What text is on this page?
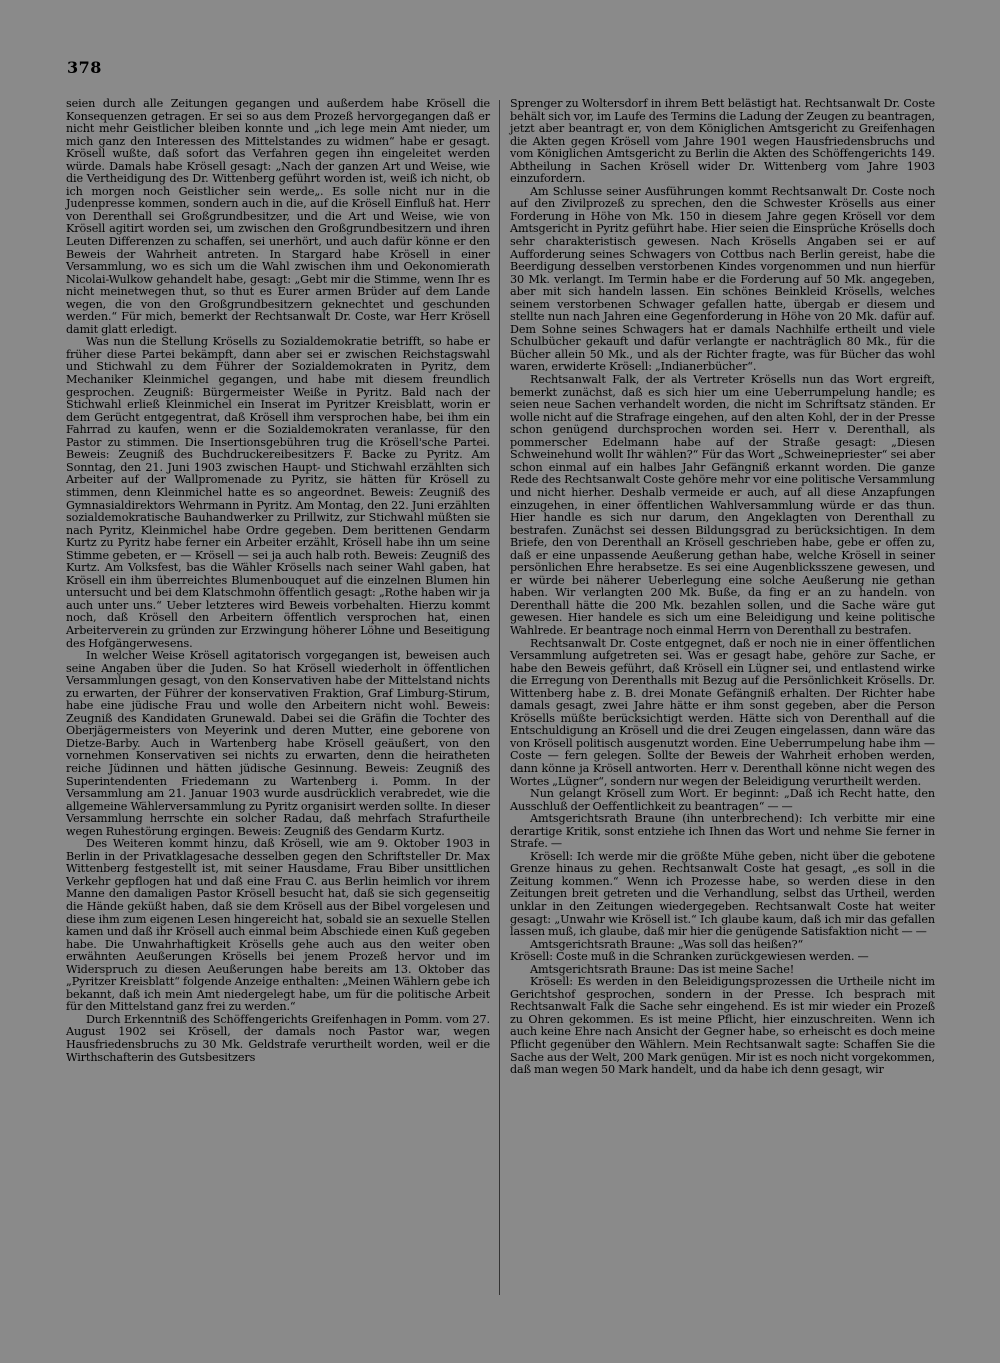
378

seien durch alle Zeitungen gegangen und außerdem habe Krösell die Konsequenzen getragen. Er sei so aus dem Prozeß hervorgegangen daß er nicht mehr Geistlicher bleiben konnte und „ich lege mein Amt nieder, um mich ganz den Interessen des Mittelstandes zu widmen“ habe er gesagt. Krösell wußte, daß sofort das Verfahren gegen ihn eingeleitet werden würde. Damals habe Krösell gesagt: „Nach der ganzen Art und Weise, wie die Vertheidigung des Dr. Wittenberg geführt worden ist, weiß ich nicht, ob ich morgen noch Geistlicher sein werde„. Es solle nicht nur in die Judenpresse kommen, sondern auch in die, auf die Krösell Einfluß hat. Herr von Derenthall sei Großgrundbesitzer, und die Art und Weise, wie von Krösell agitirt worden sei, um zwischen den Großgrundbesitzern und ihren Leuten Differenzen zu schaffen, sei unerhört, und auch dafür könne er den Beweis der Wahrheit antreten. In Stargard habe Krösell in einer Versammlung, wo es sich um die Wahl zwischen ihm und Oekonomierath Nicolai-Wulkow gehandelt habe, gesagt: „Gebt mir die Stimme, wenn Ihr es nicht meinetwegen thut, so thut es Eurer armen Brüder auf dem Lande wegen, die von den Großgrundbesitzern geknechtet und geschunden werden.“ Für mich, bemerkt der Rechtsanwalt Dr. Coste, war Herr Krösell damit glatt erledigt.

Was nun die Stellung Krösells zu Sozialdemokratie betrifft, so habe er früher diese Partei bekämpft, dann aber sei er zwischen Reichstagswahl und Stichwahl zu dem Führer der Sozialdemokraten in Pyritz, dem Mechaniker Kleinmichel gegangen, und habe mit diesem freundlich gesprochen. Zeugniß: Bürgermeister Weiße in Pyritz. Bald nach der Stichwahl erließ Kleinmichel ein Inserat im Pyritzer Kreisblatt, worin er dem Gerücht entgegentrat, daß Krösell ihm versprochen habe, bei ihm ein Fahrrad zu kaufen, wenn er die Sozialdemokraten veranlasse, für den Pastor zu stimmen. Die Insertionsgebühren trug die Krösell'sche Partei. Beweis: Zeugniß des Buchdruckereibesitzers F. Backe zu Pyritz. Am Sonntag, den 21. Juni 1903 zwischen Haupt- und Stichwahl erzählten sich Arbeiter auf der Wallpromenade zu Pyritz, sie hätten für Krösell zu stimmen, denn Kleinmichel hatte es so angeordnet. Beweis: Zeugniß des Gymnasialdirektors Wehrmann in Pyritz. Am Montag, den 22. Juni erzählten sozialdemokratische Bauhandwerker zu Prillwitz, zur Stichwahl müßten sie nach Pyritz, Kleinmichel habe Ordre gegeben. Dem berittenen Gendarm Kurtz zu Pyritz habe ferner ein Arbeiter erzählt, Krösell habe ihn um seine Stimme gebeten, er — Krösell — sei ja auch halb roth. Beweis: Zeugniß des Kurtz. Am Volksfest, bas die Wähler Krösells nach seiner Wahl gaben, hat Krösell ein ihm überreichtes Blumenbouquet auf die einzelnen Blumen hin untersucht und bei dem Klatschmohn öffentlich gesagt: „Rothe haben wir ja auch unter uns.“ Ueber letzteres wird Beweis vorbehalten. Hierzu kommt noch, daß Krösell den Arbeitern öffentlich versprochen hat, einen Arbeiterverein zu gründen zur Erzwingung höherer Löhne und Beseitigung des Hofgängerwesens.

In welcher Weise Krösell agitatorisch vorgegangen ist, beweisen auch seine Angaben über die Juden. So hat Krösell wiederholt in öffentlichen Versammlungen gesagt, von den Konservativen habe der Mittelstand nichts zu erwarten, der Führer der konservativen Fraktion, Graf Limburg-Stirum, habe eine jüdische Frau und wolle den Arbeitern nicht wohl. Beweis: Zeugniß des Kandidaten Grunewald. Dabei sei die Gräfin die Tochter des Oberjägermeisters von Meyerink und deren Mutter, eine geborene von Dietze-Barby. Auch in Wartenberg habe Krösell geäußert, von den vornehmen Konservativen sei nichts zu erwarten, denn die heiratheten reiche Jüdinnen und hätten jüdische Gesinnung. Beweis: Zeugniß des Superintendenten Friedemann zu Wartenberg i. Pomm. In der Versammlung am 21. Januar 1903 wurde ausdrücklich verabredet, wie die allgemeine Wählerversammlung zu Pyritz organisirt werden sollte. In dieser Versammlung herrschte ein solcher Radau, daß mehrfach Strafurtheile wegen Ruhestörung ergingen. Beweis: Zeugniß des Gendarm Kurtz.

Des Weiteren kommt hinzu, daß Krösell, wie am 9. Oktober 1903 in Berlin in der Privatklagesache desselben gegen den Schriftsteller Dr. Max Wittenberg festgestellt ist, mit seiner Hausdame, Frau Biber unsittlichen Verkehr gepflogen hat und daß eine Frau C. aus Berlin heimlich vor ihrem Manne den damaligen Pastor Krösell besucht hat, daß sie sich gegenseitig die Hände geküßt haben, daß sie dem Krösell aus der Bibel vorgelesen und diese ihm zum eigenen Lesen hingereicht hat, sobald sie an sexuelle Stellen kamen und daß ihr Krösell auch einmal beim Abschiede einen Kuß gegeben habe. Die Unwahrhaftigkeit Krösells gehe auch aus den weiter oben erwähnten Aeußerungen Krösells bei jenem Prozeß hervor und im Widerspruch zu diesen Aeußerungen habe bereits am 13. Oktober das „Pyritzer Kreisblatt“ folgende Anzeige enthalten: „Meinen Wählern gebe ich bekannt, daß ich mein Amt niedergelegt habe, um für die politische Arbeit für den Mittelstand ganz frei zu werden.“

Durch Erkenntniß des Schöffengerichts Greifenhagen in Pomm. vom 27. August 1902 sei Krösell, der damals noch Pastor war, wegen Hausfriedensbruchs zu 30 Mk. Geldstrafe verurtheilt worden, weil er die Wirthschafterin des Gutsbesitzers

Sprenger zu Woltersdorf in ihrem Bett belästigt hat. Rechtsanwalt Dr. Coste behält sich vor, im Laufe des Termins die Ladung der Zeugen zu beantragen, jetzt aber beantragt er, von dem Königlichen Amtsgericht zu Greifenhagen die Akten gegen Krösell vom Jahre 1901 wegen Hausfriedensbruchs und vom Königlichen Amtsgericht zu Berlin die Akten des Schöffengerichts 149. Abtheilung in Sachen Krösell wider Dr. Wittenberg vom Jahre 1903 einzufordern.

Am Schlusse seiner Ausführungen kommt Rechtsanwalt Dr. Coste noch auf den Zivilprozeß zu sprechen, den die Schwester Krösells aus einer Forderung in Höhe von Mk. 150 in diesem Jahre gegen Krösell vor dem Amtsgericht in Pyritz geführt habe. Hier seien die Einsprüche Krösells doch sehr charakteristisch gewesen. Nach Krösells Angaben sei er auf Aufforderung seines Schwagers von Cottbus nach Berlin gereist, habe die Beerdigung desselben verstorbenen Kindes vorgenommen und nun hierfür 30 Mk. verlangt. Im Termin habe er die Forderung auf 50 Mk. angegeben, aber mit sich handeln lassen. Ein schönes Beinkleid Krösells, welches seinem verstorbenen Schwager gefallen hatte, übergab er diesem und stellte nun nach Jahren eine Gegenforderung in Höhe von 20 Mk. dafür auf. Dem Sohne seines Schwagers hat er damals Nachhilfe ertheilt und viele Schulbücher gekauft und dafür verlangte er nachträglich 80 Mk., für die Bücher allein 50 Mk., und als der Richter fragte, was für Bücher das wohl waren, erwiderte Krösell: „Indianerbücher“.

Rechtsanwalt Falk, der als Vertreter Krösells nun das Wort ergreift, bemerkt zunächst, daß es sich hier um eine Ueberrumpelung handle; es seien neue Sachen verhandelt worden, die nicht im Schriftsatz ständen. Er wolle nicht auf die Strafrage eingehen, auf den alten Kohl, der in der Presse schon genügend durchsprochen worden sei. Herr v. Derenthall, als pommerscher Edelmann habe auf der Straße gesagt: „Diesen Schweinehund wollt Ihr wählen?“ Für das Wort „Schweinepriester“ sei aber schon einmal auf ein halbes Jahr Gefängniß erkannt worden. Die ganze Rede des Rechtsanwalt Coste gehöre mehr vor eine politische Versammlung und nicht hierher. Deshalb vermeide er auch, auf all diese Anzapfungen einzugehen, in einer öffentlichen Wahlversammlung würde er das thun. Hier handle es sich nur darum, den Angeklagten von Derenthall zu bestrafen. Zunächst sei dessen Bildungsgrad zu berücksichtigen. In dem Briefe, den von Derenthall an Krösell geschrieben habe, gebe er offen zu, daß er eine unpassende Aeußerung gethan habe, welche Krösell in seiner persönlichen Ehre herabsetze. Es sei eine Augenblicksszene gewesen, und er würde bei näherer Ueberlegung eine solche Aeußerung nie gethan haben. Wir verlangten 200 Mk. Buße, da fing er an zu handeln. von Derenthall hätte die 200 Mk. bezahlen sollen, und die Sache wäre gut gewesen. Hier handele es sich um eine Beleidigung und keine politische Wahlrede. Er beantrage noch einmal Herrn von Derenthall zu bestrafen.

Rechtsanwalt Dr. Coste entgegnet, daß er noch nie in einer öffentlichen Versammlung aufgetreten sei. Was er gesagt habe, gehöre zur Sache, er habe den Beweis geführt, daß Krösell ein Lügner sei, und entlastend wirke die Erregung von Derenthalls mit Bezug auf die Persönlichkeit Krösells. Dr. Wittenberg habe z. B. drei Monate Gefängniß erhalten. Der Richter habe damals gesagt, zwei Jahre hätte er ihm sonst gegeben, aber die Person Krösells müßte berücksichtigt werden. Hätte sich von Derenthall auf die Entschuldigung an Krösell und die drei Zeugen eingelassen, dann wäre das von Krösell politisch ausgenutzt worden. Eine Ueberrumpelung habe ihm — Coste — fern gelegen. Sollte der Beweis der Wahrheit erhoben werden, dann könne ja Krösell antworten. Herr v. Derenthall könne nicht wegen des Wortes „Lügner“, sondern nur wegen der Beleidigung verurtheilt werden.

Nun gelangt Krösell zum Wort. Er beginnt: „Daß ich Recht hatte, den Ausschluß der Oeffentlichkeit zu beantragen“ — —

Amtsgerichtsrath Braune (ihn unterbrechend): Ich verbitte mir eine derartige Kritik, sonst entziehe ich Ihnen das Wort und nehme Sie ferner in Strafe. —

Krösell: Ich werde mir die größte Mühe geben, nicht über die gebotene Grenze hinaus zu gehen. Rechtsanwalt Coste hat gesagt, „es soll in die Zeitung kommen.“ Wenn ich Prozesse habe, so werden diese in den Zeitungen breit getreten und die Verhandlung, selbst das Urtheil, werden unklar in den Zeitungen wiedergegeben. Rechtsanwalt Coste hat weiter gesagt: „Unwahr wie Krösell ist.“ Ich glaube kaum, daß ich mir das gefallen lassen muß, ich glaube, daß mir hier die genügende Satisfaktion nicht — —

Amtsgerichtsrath Braune: „Was soll das heißen?“

Krösell: Coste muß in die Schranken zurückgewiesen werden. —

Amtsgerichtsrath Braune: Das ist meine Sache!

Krösell: Es werden in den Beleidigungsprozessen die Urtheile nicht im Gerichtshof gesprochen, sondern in der Presse. Ich besprach mit Rechtsanwalt Falk die Sache sehr eingehend. Es ist mir wieder ein Prozeß zu Ohren gekommen. Es ist meine Pflicht, hier einzuschreiten. Wenn ich auch keine Ehre nach Ansicht der Gegner habe, so erheischt es doch meine Pflicht gegenüber den Wählern. Mein Rechtsanwalt sagte: Schaffen Sie die Sache aus der Welt, 200 Mark genügen. Mir ist es noch nicht vorgekommen, daß man wegen 50 Mark handelt, und da habe ich denn gesagt, wir
